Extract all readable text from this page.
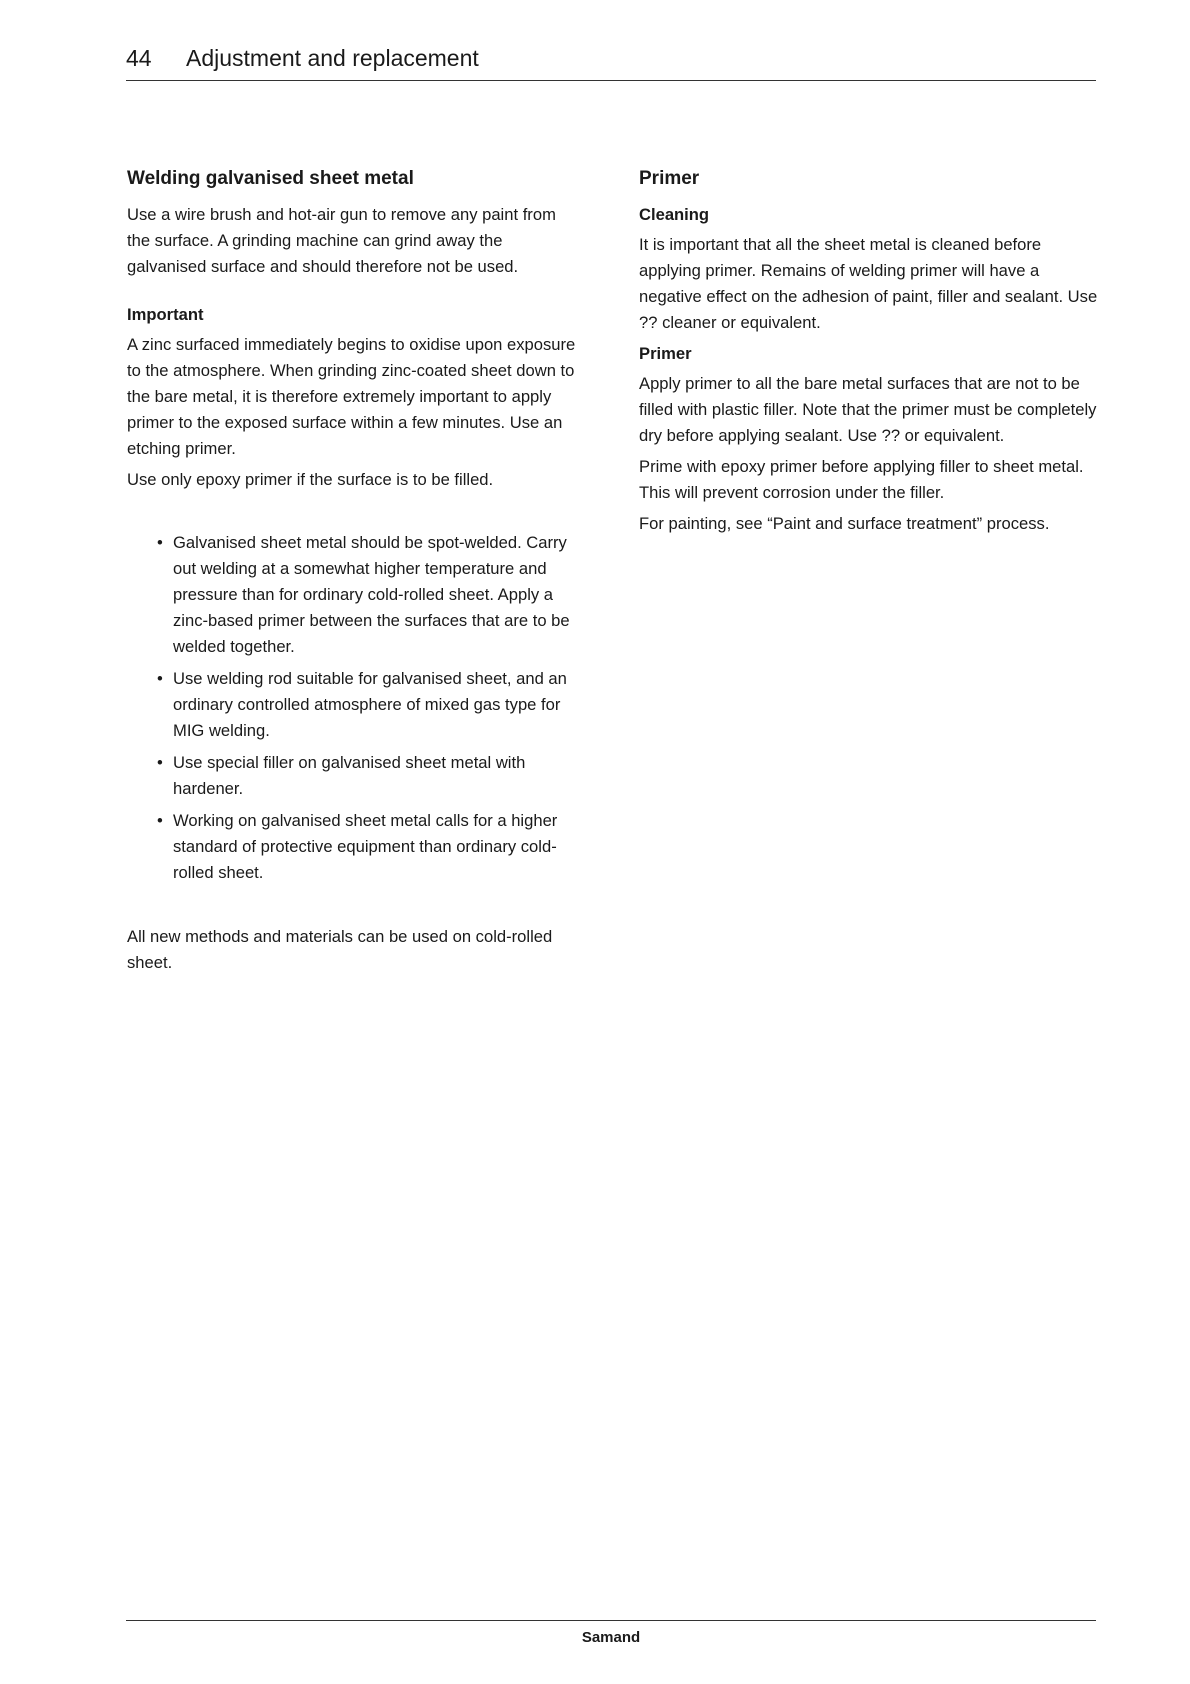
44	Adjustment and replacement
Welding galvanised sheet metal

Use a wire brush and hot-air gun to remove any paint from the surface. A grinding machine can grind away the galvanised surface and should therefore not be used.

Important

A zinc surfaced immediately begins to oxidise upon exposure to the atmosphere. When grinding zinc-coated sheet down to the bare metal, it is therefore extremely important to apply primer to the exposed surface within a few minutes. Use an etching primer.

Use only epoxy primer if the surface is to be filled.

• Galvanised sheet metal should be spot-welded. Carry out welding at a somewhat higher temperature and pressure than for ordinary cold-rolled sheet. Apply a zinc-based primer between the surfaces that are to be welded together.
• Use welding rod suitable for galvanised sheet, and an ordinary controlled atmosphere of mixed gas type for MIG welding.
• Use special filler on galvanised sheet metal with hardener.
• Working on galvanised sheet metal calls for a higher standard of protective equipment than ordinary cold-rolled sheet.

All new methods and materials can be used on cold-rolled sheet.

Primer
Cleaning

It is important that all the sheet metal is cleaned before applying primer. Remains of welding primer will have a negative effect on the adhesion of paint, filler and sealant. Use ?? cleaner or equivalent.

Primer

Apply primer to all the bare metal surfaces that are not to be filled with plastic filler. Note that the primer must be completely dry before applying sealant. Use ?? or equivalent.

Prime with epoxy primer before applying filler to sheet metal. This will prevent corrosion under the filler.

For painting, see “Paint and surface treatment” process.

Samand
